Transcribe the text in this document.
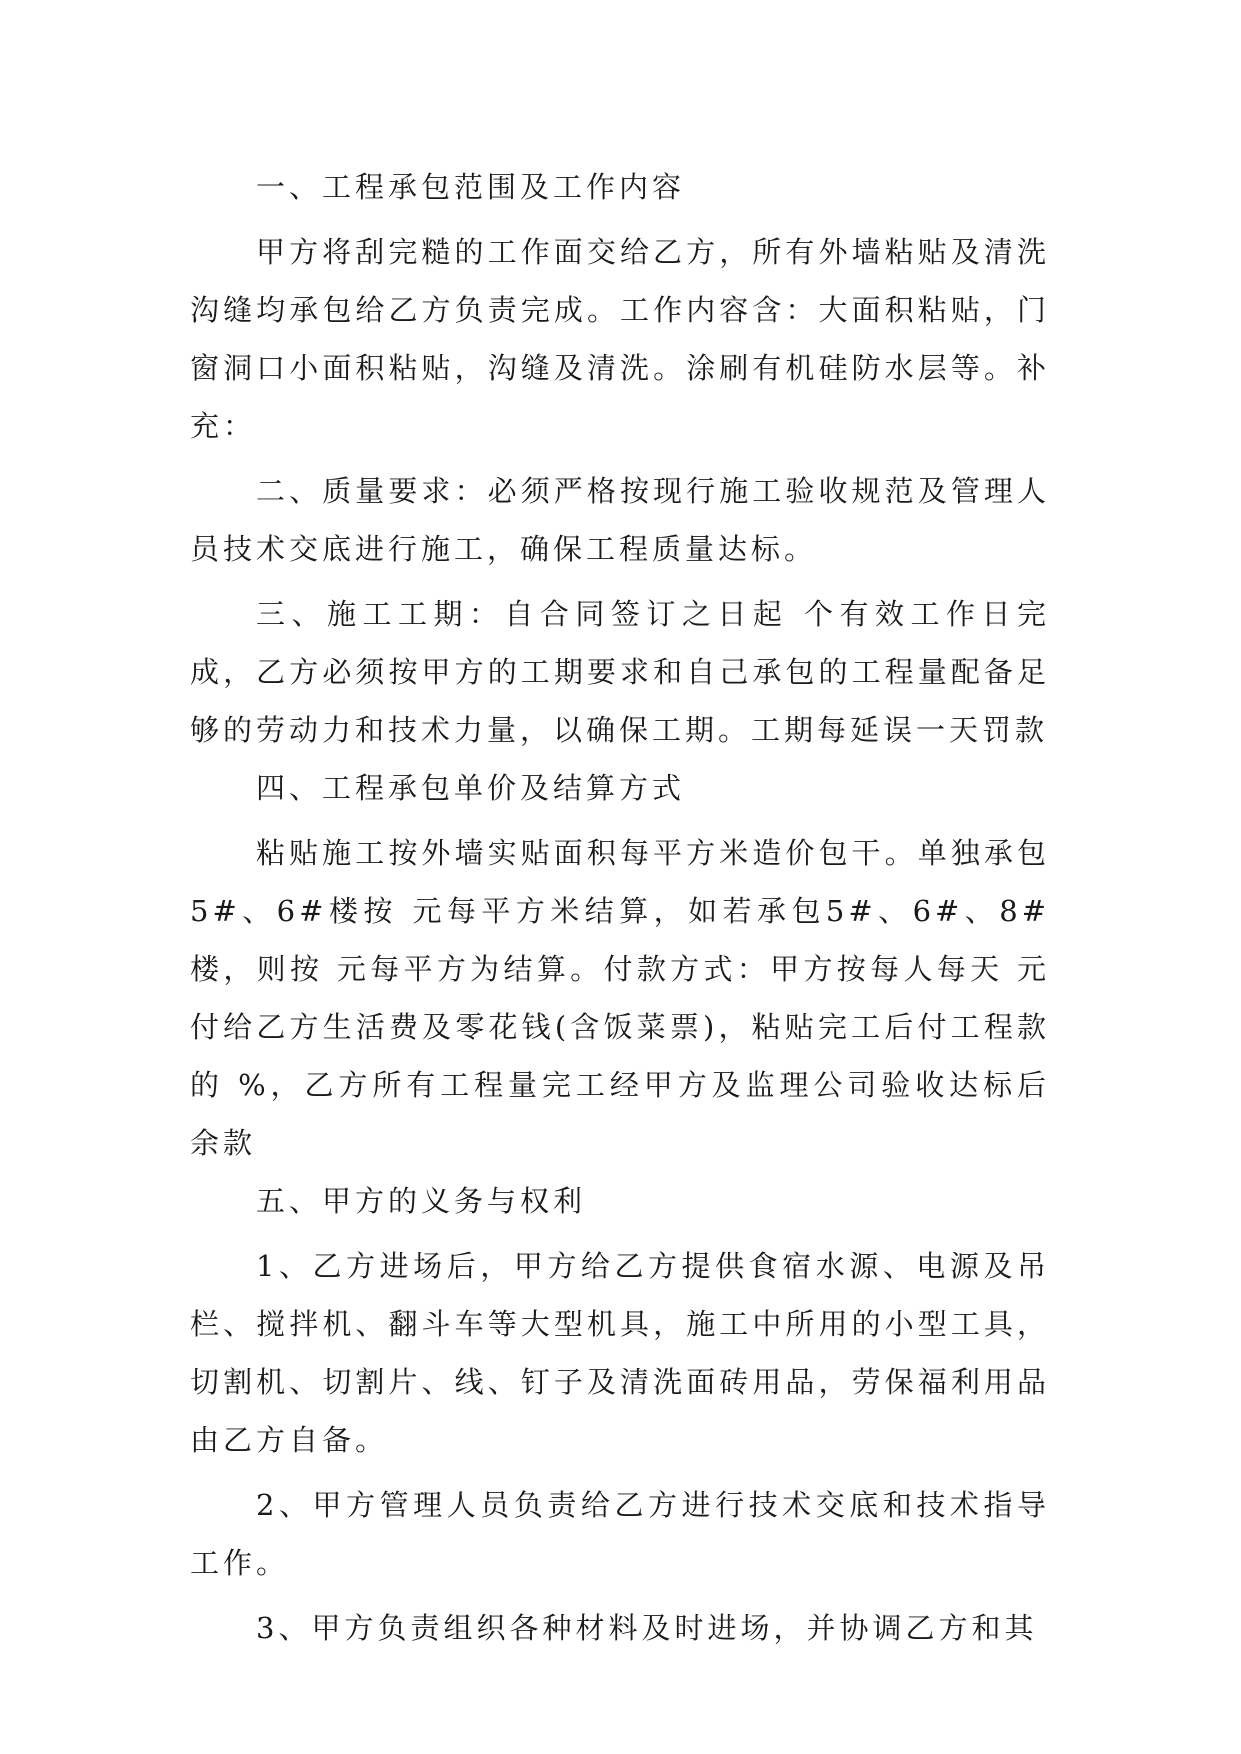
一、工程承包范围及工作内容

甲方将刮完糙的工作面交给乙方，所有外墙粘贴及清洗沟缝均承包给乙方负责完成。工作内容含：大面积粘贴，门窗洞口小面积粘贴，沟缝及清洗。涂刷有机硅防水层等。补充：

二、质量要求：必须严格按现行施工验收规范及管理人员技术交底进行施工，确保工程质量达标。

三、施工工期：自合同签订之日起 个有效工作日完成，乙方必须按甲方的工期要求和自己承包的工程量配备足够的劳动力和技术力量，以确保工期。工期每延误一天罚款

四、工程承包单价及结算方式

粘贴施工按外墙实贴面积每平方米造价包干。单独承包5#、6#楼按 元每平方米结算，如若承包5#、6#、8#楼，则按 元每平方为结算。付款方式：甲方按每人每天 元付给乙方生活费及零花钱(含饭菜票)，粘贴完工后付工程款的 %，乙方所有工程量完工经甲方及监理公司验收达标后余款

五、甲方的义务与权利

1、乙方进场后，甲方给乙方提供食宿水源、电源及吊栏、搅拌机、翻斗车等大型机具，施工中所用的小型工具，切割机、切割片、线、钉子及清洗面砖用品，劳保福利用品由乙方自备。

2、甲方管理人员负责给乙方进行技术交底和技术指导工作。

3、甲方负责组织各种材料及时进场，并协调乙方和其
